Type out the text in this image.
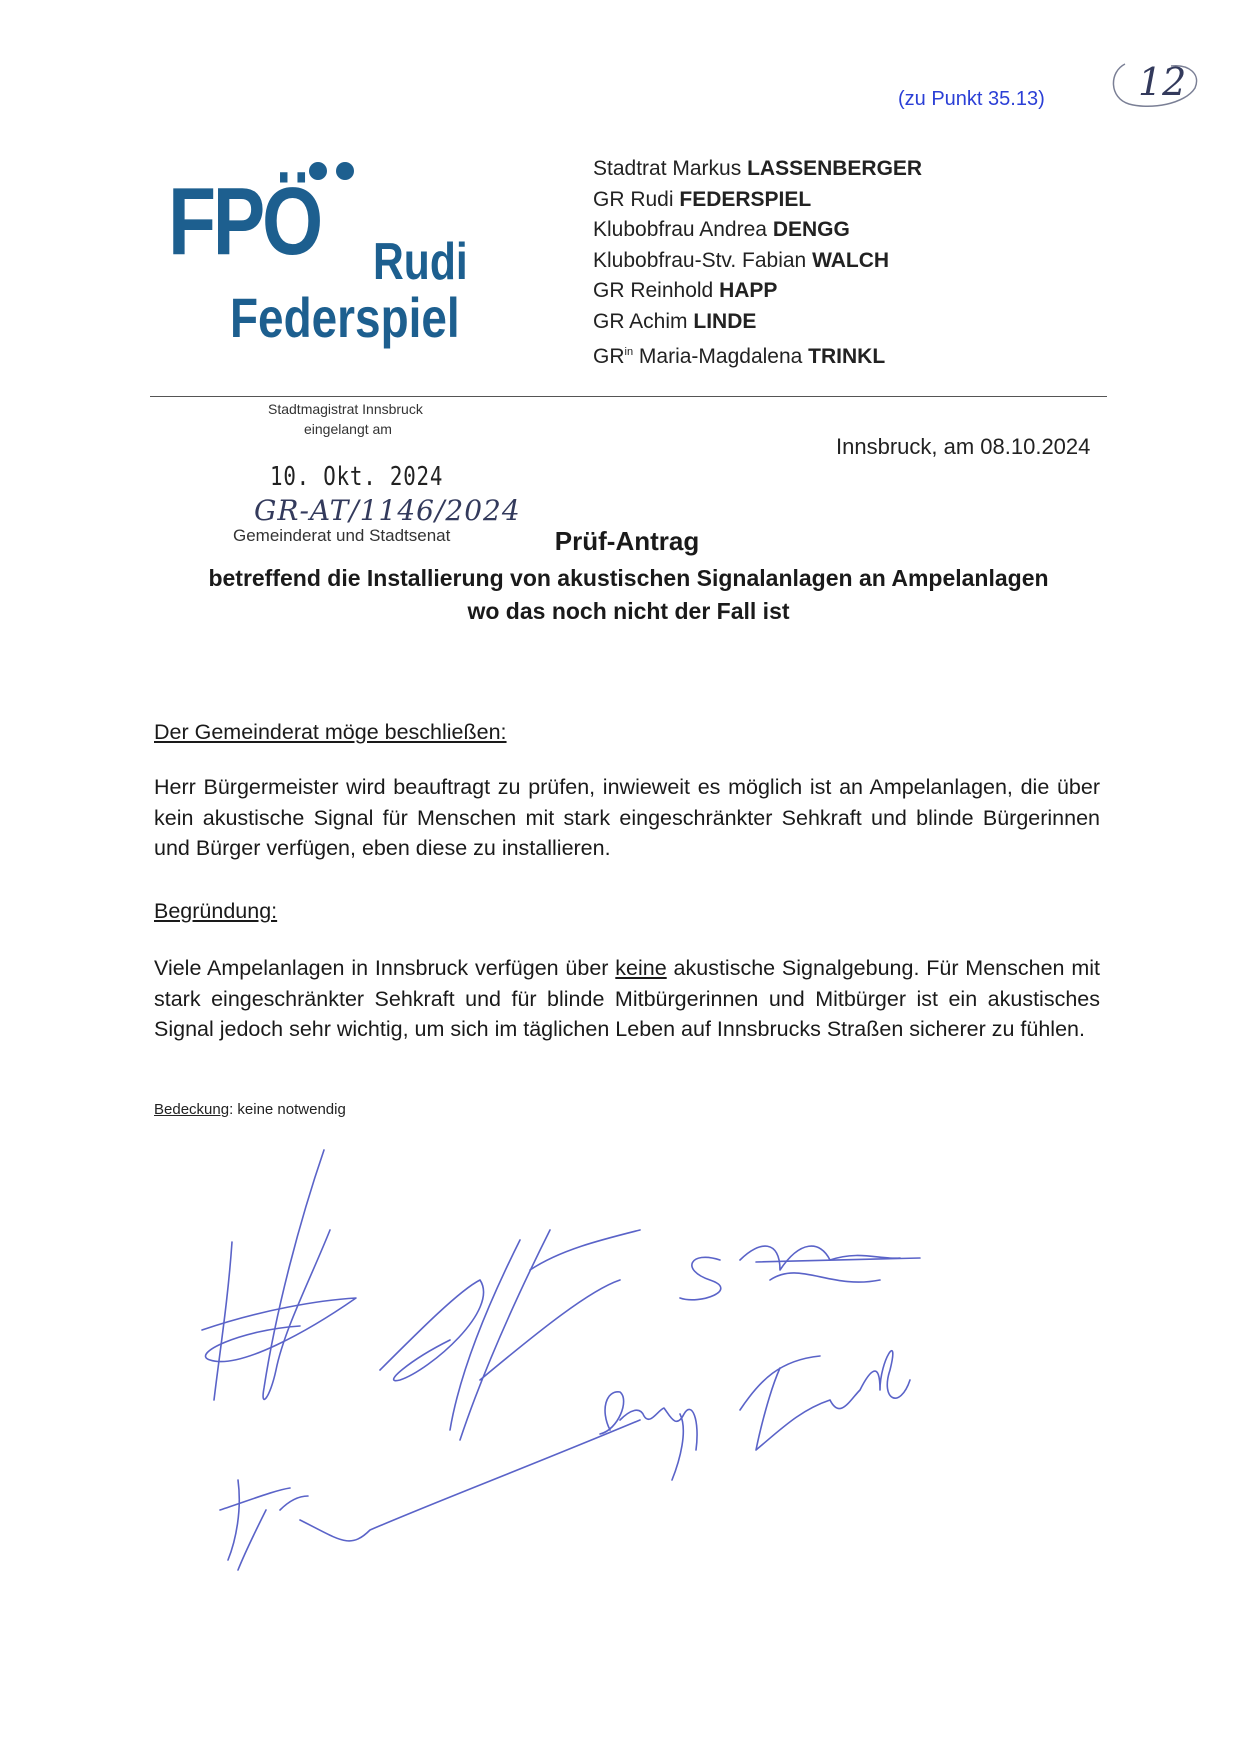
12
(zu Punkt 35.13)
FPÖ Rudi
Federspiel
Stadtrat Markus LASSENBERGER
GR Rudi FEDERSPIEL
Klubobfrau Andrea DENGG
Klubobfrau-Stv. Fabian WALCH
GR Reinhold HAPP
GR Achim LINDE
$GR^{in}$ Maria-Magdalena TRINKL
Stadtmagistrat Innsbruck
eingelangt am
10. Okt. 2024
GR-AT/1146/2024
Gemeinderat und Stadtsenat
Innsbruck, am 08.10.2024
Prüf-Antrag
betreffend die Installierung von akustischen Signalanlagen an Ampelanlagen
wo das noch nicht der Fall ist
Der Gemeinderat möge beschließen:
Herr Bürgermeister wird beauftragt zu prüfen, inwieweit es möglich ist an Ampelanlagen, die über kein akustische Signal für Menschen mit stark eingeschränkter Sehkraft und blinde Bürgerinnen und Bürger verfügen, eben diese zu installieren.
Begründung:
Viele Ampelanlagen in Innsbruck verfügen über keine akustische Signalgebung. Für Menschen mit stark eingeschränkter Sehkraft und für blinde Mitbürgerinnen und Mitbürger ist ein akustisches Signal jedoch sehr wichtig, um sich im täglichen Leben auf Innsbrucks Straßen sicherer zu fühlen.
Bedeckung: keine notwendig
